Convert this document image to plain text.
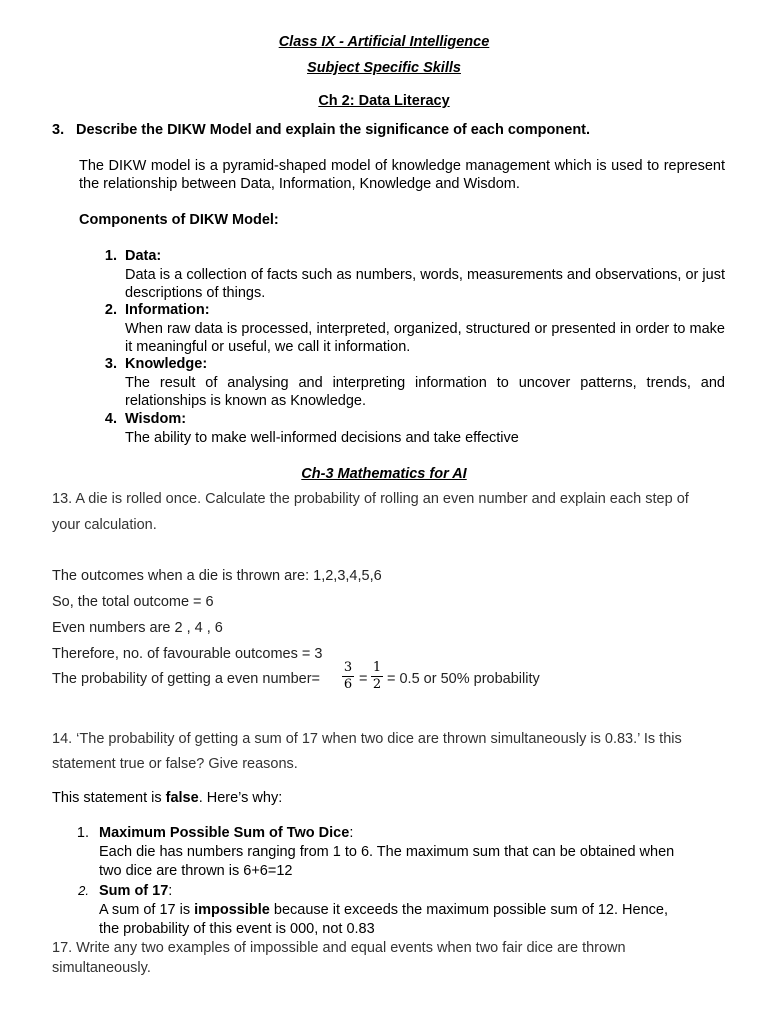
Class IX - Artificial Intelligence
Subject Specific Skills
Ch 2: Data Literacy
3. Describe the DIKW Model and explain the significance of each component.
The DIKW model is a pyramid-shaped model of knowledge management which is used to represent the relationship between Data, Information, Knowledge and Wisdom.
Components of DIKW Model:
1. Data:
Data is a collection of facts such as numbers, words, measurements and observations, or just descriptions of things.
2. Information:
When raw data is processed, interpreted, organized, structured or presented in order to make it meaningful or useful, we call it information.
3. Knowledge:
The result of analysing and interpreting information to uncover patterns, trends, and relationships is known as Knowledge.
4. Wisdom:
The ability to make well-informed decisions and take effective
Ch-3 Mathematics for AI
13. A die is rolled once. Calculate the probability of rolling an even number and explain each step of
your calculation.
The outcomes when a die is thrown are: 1,2,3,4,5,6
So, the total outcome = 6
Even numbers are 2 , 4 , 6
Therefore, no. of favourable outcomes = 3
The probability of getting a even number=
3
6 =
1
2 = 0.5 or 50% probability
14. ‘The probability of getting a sum of 17 when two dice are thrown simultaneously is 0.83.’ Is this
statement true or false? Give reasons.
This statement is false. Here’s why:
1. Maximum Possible Sum of Two Dice:
Each die has numbers ranging from 1 to 6. The maximum sum that can be obtained when
two dice are thrown is 6+6=12
2. Sum of 17:
A sum of 17 is impossible because it exceeds the maximum possible sum of 12. Hence,
the probability of this event is 000, not 0.83
17. Write any two examples of impossible and equal events when two fair dice are thrown
simultaneously.
